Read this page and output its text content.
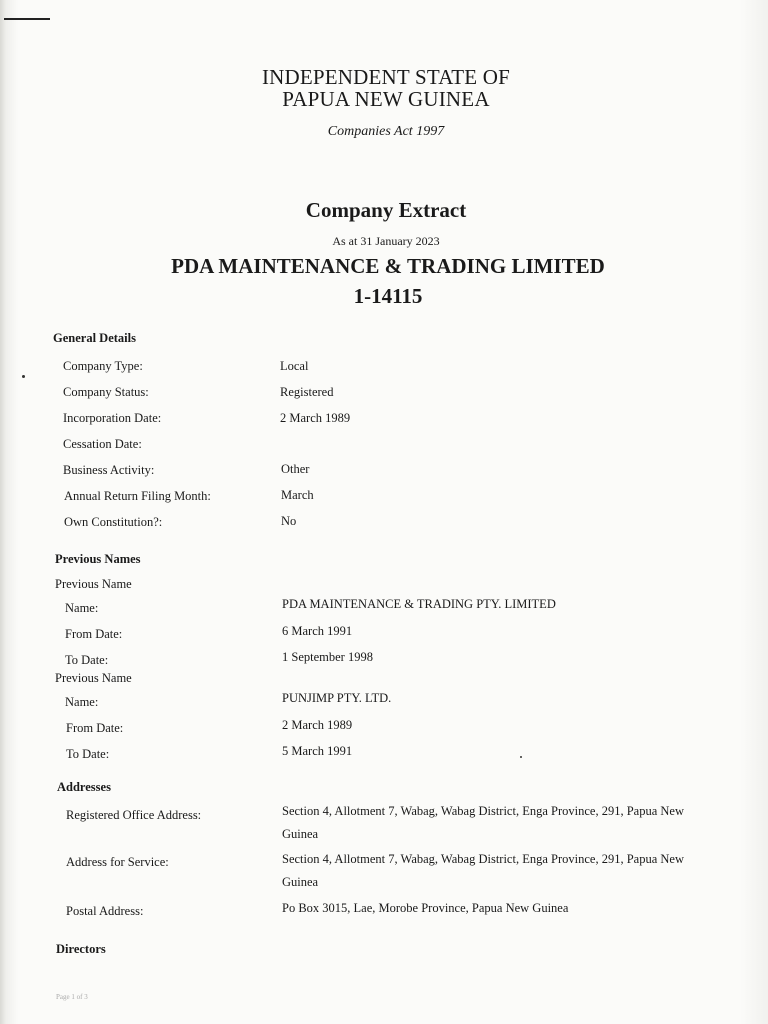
INDEPENDENT STATE OF
PAPUA NEW GUINEA
Companies Act 1997
Company Extract
As at 31 January 2023
PDA MAINTENANCE & TRADING LIMITED
1-14115
General Details
Company Type:	Local
Company Status:	Registered
Incorporation Date:	2 March 1989
Cessation Date:
Business Activity:	Other
Annual Return Filing Month:	March
Own Constitution?:	No
Previous Names
Previous Name
Name:	PDA MAINTENANCE & TRADING PTY. LIMITED
From Date:	6 March 1991
To Date:	1 September 1998
Previous Name
Name:	PUNJIMP PTY. LTD.
From Date:	2 March 1989
To Date:	5 March 1991
Addresses
Registered Office Address:	Section 4, Allotment 7, Wabag, Wabag District, Enga Province, 291, Papua New Guinea
Address for Service:	Section 4, Allotment 7, Wabag, Wabag District, Enga Province, 291, Papua New Guinea
Postal Address:	Po Box 3015, Lae, Morobe Province, Papua New Guinea
Directors
Page 1 of 3
